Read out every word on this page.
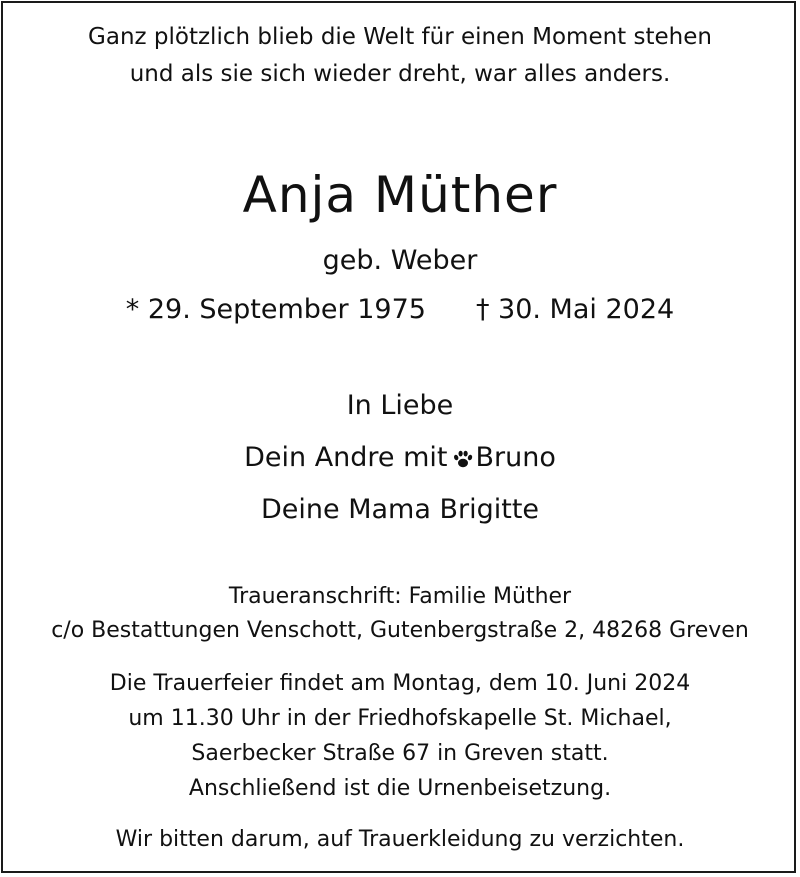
Ganz plötzlich blieb die Welt für einen Moment stehen
und als sie sich wieder dreht, war alles anders.
Anja Müther
geb. Weber
* 29. September 1975 † 30. Mai 2024
In Liebe
Dein Andre mit Bruno
Deine Mama Brigitte
Traueranschrift: Familie Müther
c/o Bestattungen Venschott, Gutenbergstraße 2, 48268 Greven
Die Trauerfeier findet am Montag, dem 10. Juni 2024
um 11.30 Uhr in der Friedhofskapelle St. Michael,
Saerbecker Straße 67 in Greven statt.
Anschließend ist die Urnenbeisetzung.
Wir bitten darum, auf Trauerkleidung zu verzichten.
